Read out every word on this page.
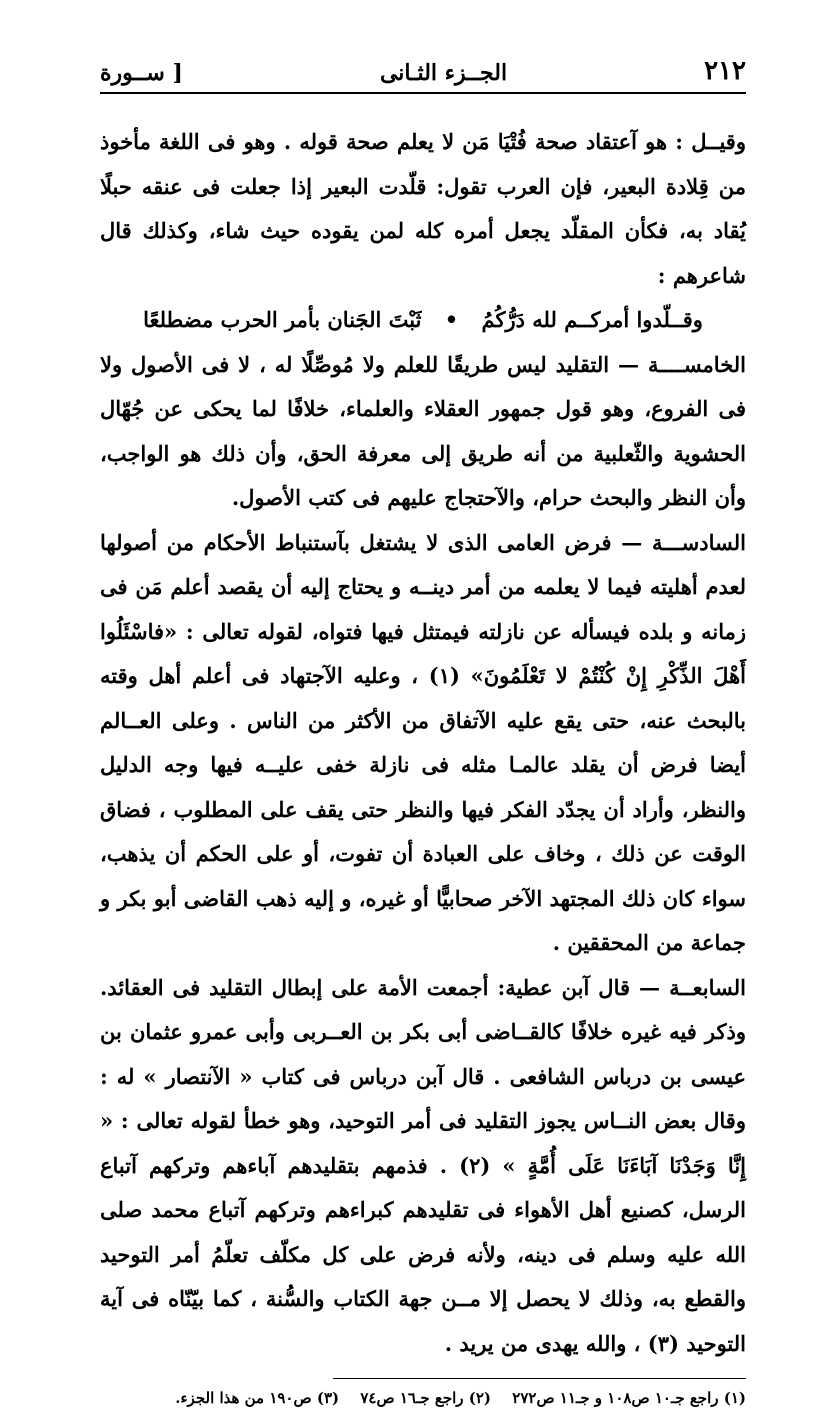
٢١٢
الجــزء الثـانى
[ ســورة

وقيــل : هو آعتقاد صحة فُتْيَا مَن لا يعلم صحة قوله . وهو فى اللغة مأخوذ من قِلادة البعير، فإن العرب تقول: قلّدت البعير إذا جعلت فى عنقه حبلًا يُقاد به، فكأن المقلّد يجعل أمره كله لمن يقوده حيث شاء، وكذلك قال شاعرهم :

وقــلّدوا أمركــم لله دَرُّكُمُ • ثَبْتَ الجَنان بأمر الحرب مضطلعًا

الخامســــة — التقليد ليس طريقًا للعلم ولا مُوصِّلًا له ، لا فى الأصول ولا فى الفروع، وهو قول جمهور العقلاء والعلماء، خلافًا لما يحكى عن جُهّال الحشوية والثّعلبية من أنه طريق إلى معرفة الحق، وأن ذلك هو الواجب، وأن النظر والبحث حرام، والآحتجاج عليهم فى كتب الأصول.

السادســـة — فرض العامى الذى لا يشتغل بآستنباط الأحكام من أصولها لعدم أهليته فيما لا يعلمه من أمر دينــه و يحتاج إليه أن يقصد أعلم مَن فى زمانه و بلده فيسأله عن نازلته فيمتثل فيها فتواه، لقوله تعالى : «فاسْئَلُوا أَهْلَ الذِّكْرِ إِنْ كُنْتُمْ لا تَعْلَمُونَ» (١) ، وعليه الآجتهاد فى أعلم أهل وقته بالبحث عنه، حتى يقع عليه الآتفاق من الأكثر من الناس . وعلى العــالم أيضا فرض أن يقلد عالمـا مثله فى نازلة خفى عليــه فيها وجه الدليل والنظر، وأراد أن يجدّد الفكر فيها والنظر حتى يقف على المطلوب ، فضاق الوقت عن ذلك ، وخاف على العبادة أن تفوت، أو على الحكم أن يذهب، سواء كان ذلك المجتهد الآخر صحابيًّا أو غيره، و إليه ذهب القاضى أبو بكر و جماعة من المحققين .

السابعــة — قال آبن عطية: أجمعت الأمة على إبطال التقليد فى العقائد. وذكر فيه غيره خلافًا كالقــاضى أبى بكر بن العــربى وأبى عمرو عثمان بن عيسى بن درباس الشافعى . قال آبن درباس فى كتاب « الآنتصار » له : وقال بعض النــاس يجوز التقليد فى أمر التوحيد، وهو خطأ لقوله تعالى : « إِنَّا وَجَدْنَا آبَاءَنَا عَلَى أُمَّةٍ » (٢) . فذمهم بتقليدهم آباءهم وتركهم آتباع الرسل، كصنيع أهل الأهواء فى تقليدهم كبراءهم وتركهم آتباع محمد صلى الله عليه وسلم فى دينه، ولأنه فرض على كل مكلّف تعلّمُ أمر التوحيد والقطع به، وذلك لا يحصل إلا مــن جهة الكتاب والسُّنة ، كما بيّنّاه فى آية التوحيد (٣) ، والله يهدى من يريد .

(١) راجع جـ١٠ ص١٠٨ و جـ١١ ص٢٧٢ (٢) راجع جـ١٦ ص٧٤ (٣) ص١٩٠ من هذا الجزء.
